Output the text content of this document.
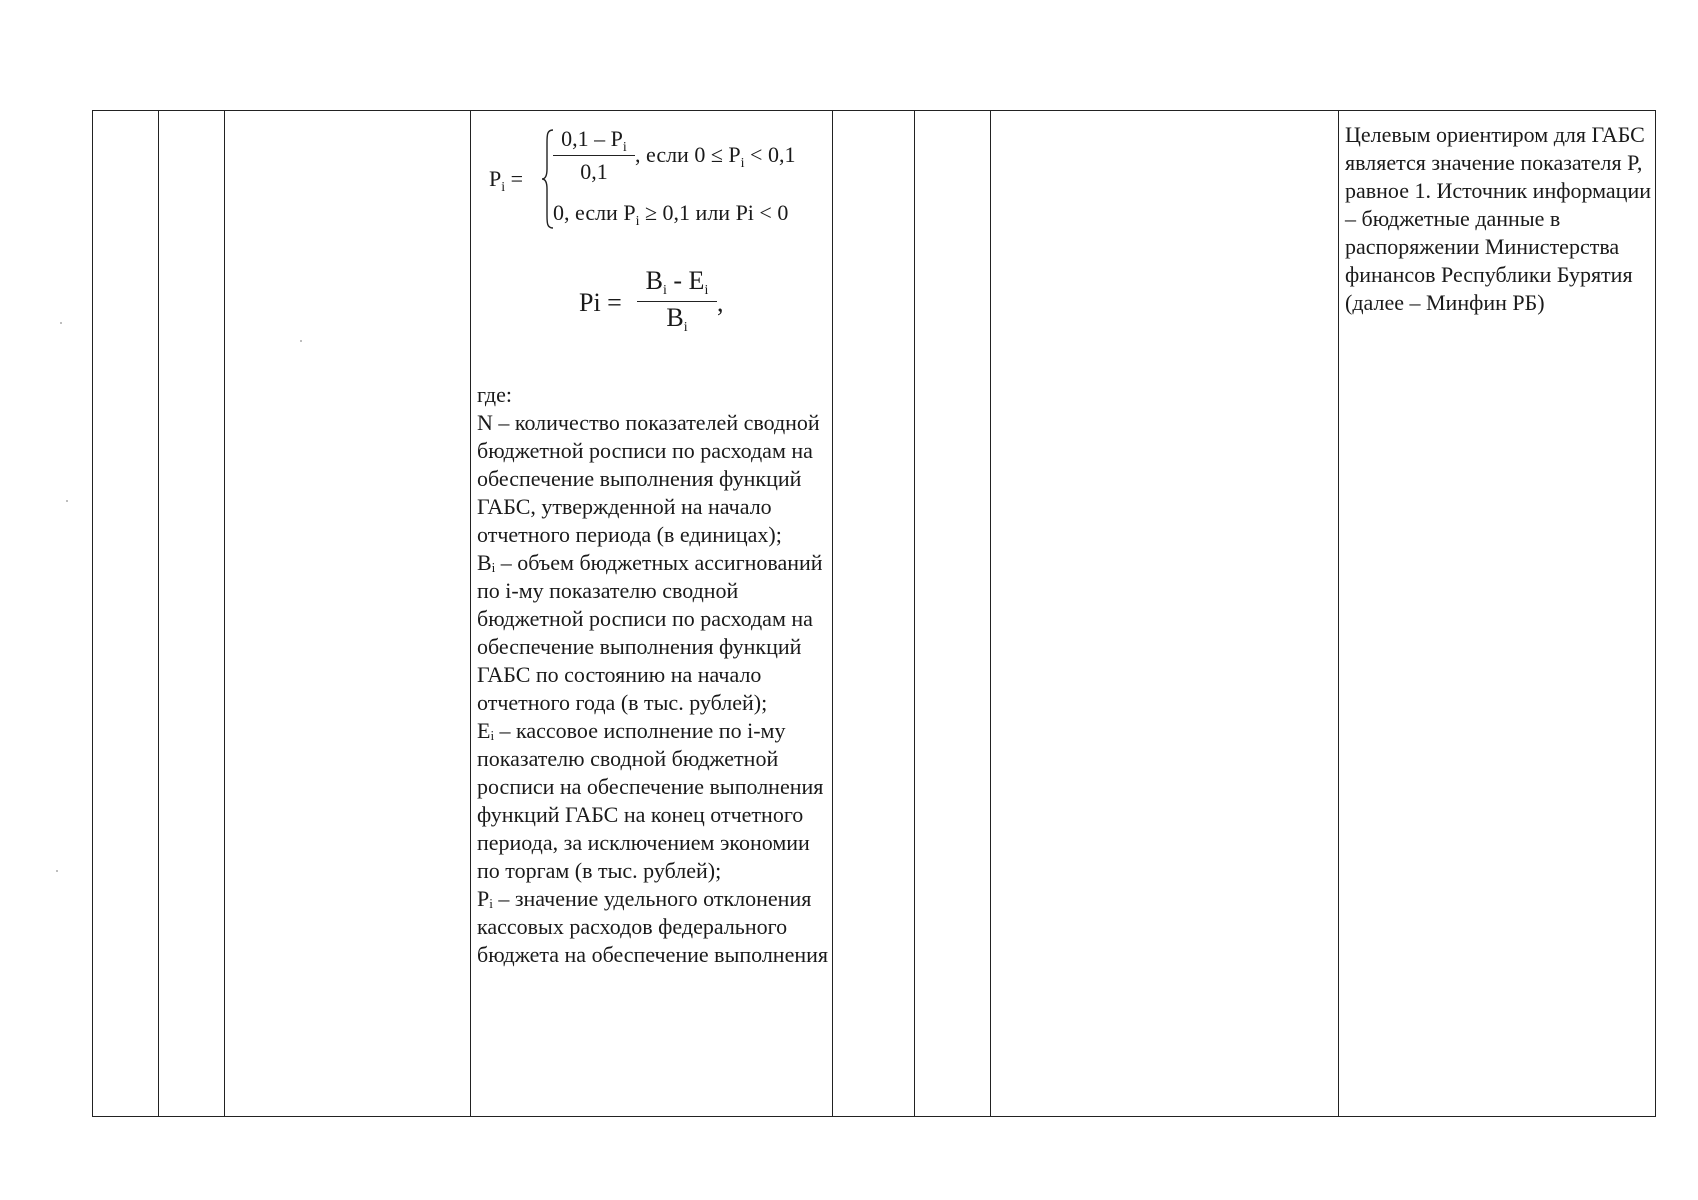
$P_i$ =
$0,1 - P_i$
0,1
, если $0 \le P_i < 0,1$
0, если $P_i \ge 0,1$ или Pi < 0
Pi =
$B_i - E_i$
$B_i$
,

где:

N – количество показателей сводной бюджетной росписи по расходам на обеспечение выполнения функций ГАБС, утвержденной на начало отчетного периода (в единицах);

Bᵢ – объем бюджетных ассигнований по i-му показателю сводной бюджетной росписи по расходам на обеспечение выполнения функций ГАБС по состоянию на начало отчетного года (в тыс. рублей);

Eᵢ – кассовое исполнение по i-му показателю сводной бюджетной росписи на обеспечение выполнения функций ГАБС на конец отчетного периода, за исключением экономии по торгам (в тыс. рублей);

Pᵢ – значение удельного отклонения кассовых расходов федерального бюджета на обеспечение выполнения

Целевым ориентиром для ГАБС является значение показателя P, равное 1. Источник информации – бюджетные данные в распоряжении Министерства финансов Республики Бурятия (далее – Минфин РБ)
